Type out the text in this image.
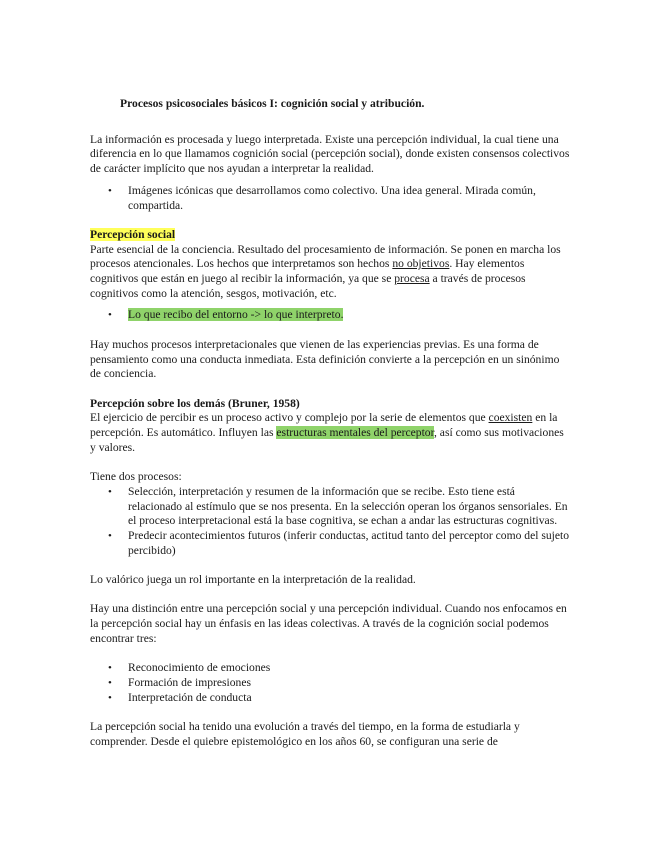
Procesos psicosociales básicos I: cognición social y atribución.

La información es procesada y luego interpretada. Existe una percepción individual, la cual tiene una diferencia en lo que llamamos cognición social (percepción social), donde existen consensos colectivos de carácter implícito que nos ayudan a interpretar la realidad.

• Imágenes icónicas que desarrollamos como colectivo. Una idea general. Mirada común, compartida.

Percepción social

Parte esencial de la conciencia. Resultado del procesamiento de información. Se ponen en marcha los procesos atencionales. Los hechos que interpretamos son hechos no objetivos. Hay elementos cognitivos que están en juego al recibir la información, ya que se procesa a través de procesos cognitivos como la atención, sesgos, motivación, etc.

• Lo que recibo del entorno -> lo que interpreto.

Hay muchos procesos interpretacionales que vienen de las experiencias previas. Es una forma de pensamiento como una conducta inmediata. Esta definición convierte a la percepción en un sinónimo de conciencia.

Percepción sobre los demás (Bruner, 1958)

El ejercicio de percibir es un proceso activo y complejo por la serie de elementos que coexisten en la percepción. Es automático. Influyen las estructuras mentales del perceptor, así como sus motivaciones y valores.

Tiene dos procesos:

• Selección, interpretación y resumen de la información que se recibe. Esto tiene está relacionado al estímulo que se nos presenta. En la selección operan los órganos sensoriales. En el proceso interpretacional está la base cognitiva, se echan a andar las estructuras cognitivas.
• Predecir acontecimientos futuros (inferir conductas, actitud tanto del perceptor como del sujeto percibido)

Lo valórico juega un rol importante en la interpretación de la realidad.

Hay una distinción entre una percepción social y una percepción individual. Cuando nos enfocamos en la percepción social hay un énfasis en las ideas colectivas. A través de la cognición social podemos encontrar tres:

• Reconocimiento de emociones
• Formación de impresiones
• Interpretación de conducta

La percepción social ha tenido una evolución a través del tiempo, en la forma de estudiarla y comprender. Desde el quiebre epistemológico en los años 60, se configuran una serie de
